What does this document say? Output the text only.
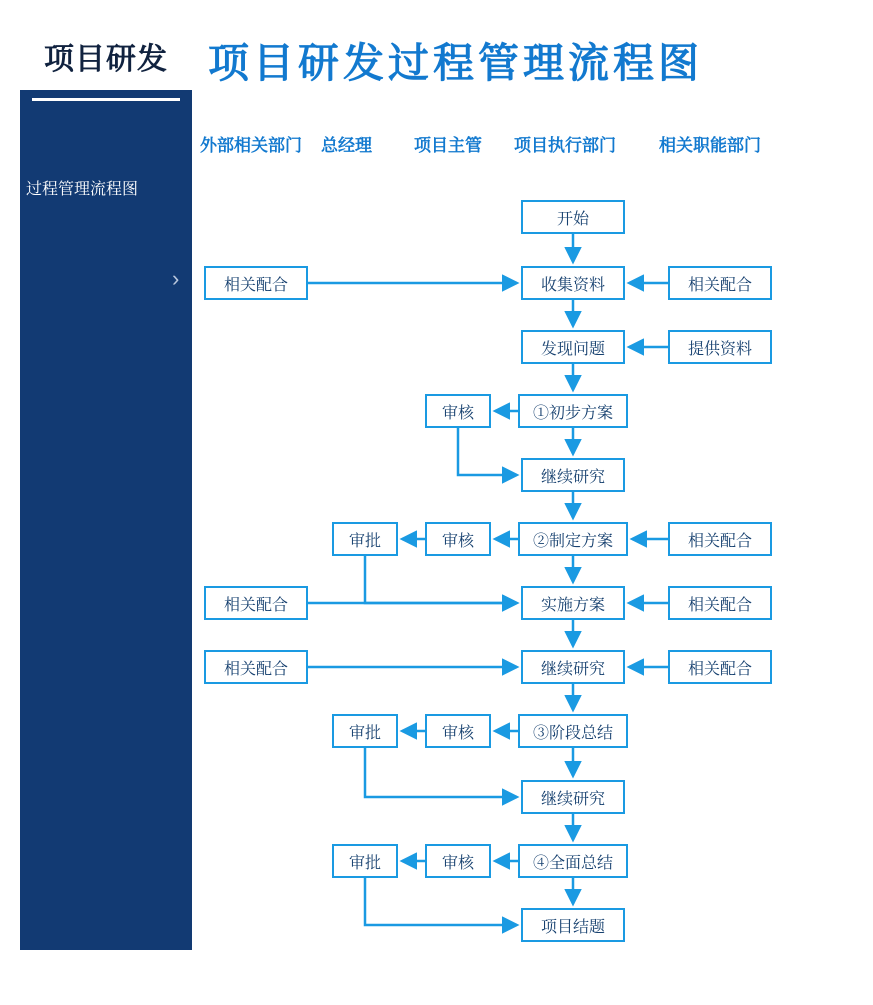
项目研发
过程管理流程图
›
项目研发过程管理流程图
外部相关部门 总经理 项目主管 项目执行部门	相关职能部门
开始
收集资料
相关配合	相关配合
发现问题	提供资料
①初步方案
审核
继续研究
②制定方案
审核
审批	相关配合
实施方案
相关配合	相关配合
继续研究
相关配合	相关配合
③阶段总结
审核
审批
继续研究
④全面总结
审核
审批
项目结题
